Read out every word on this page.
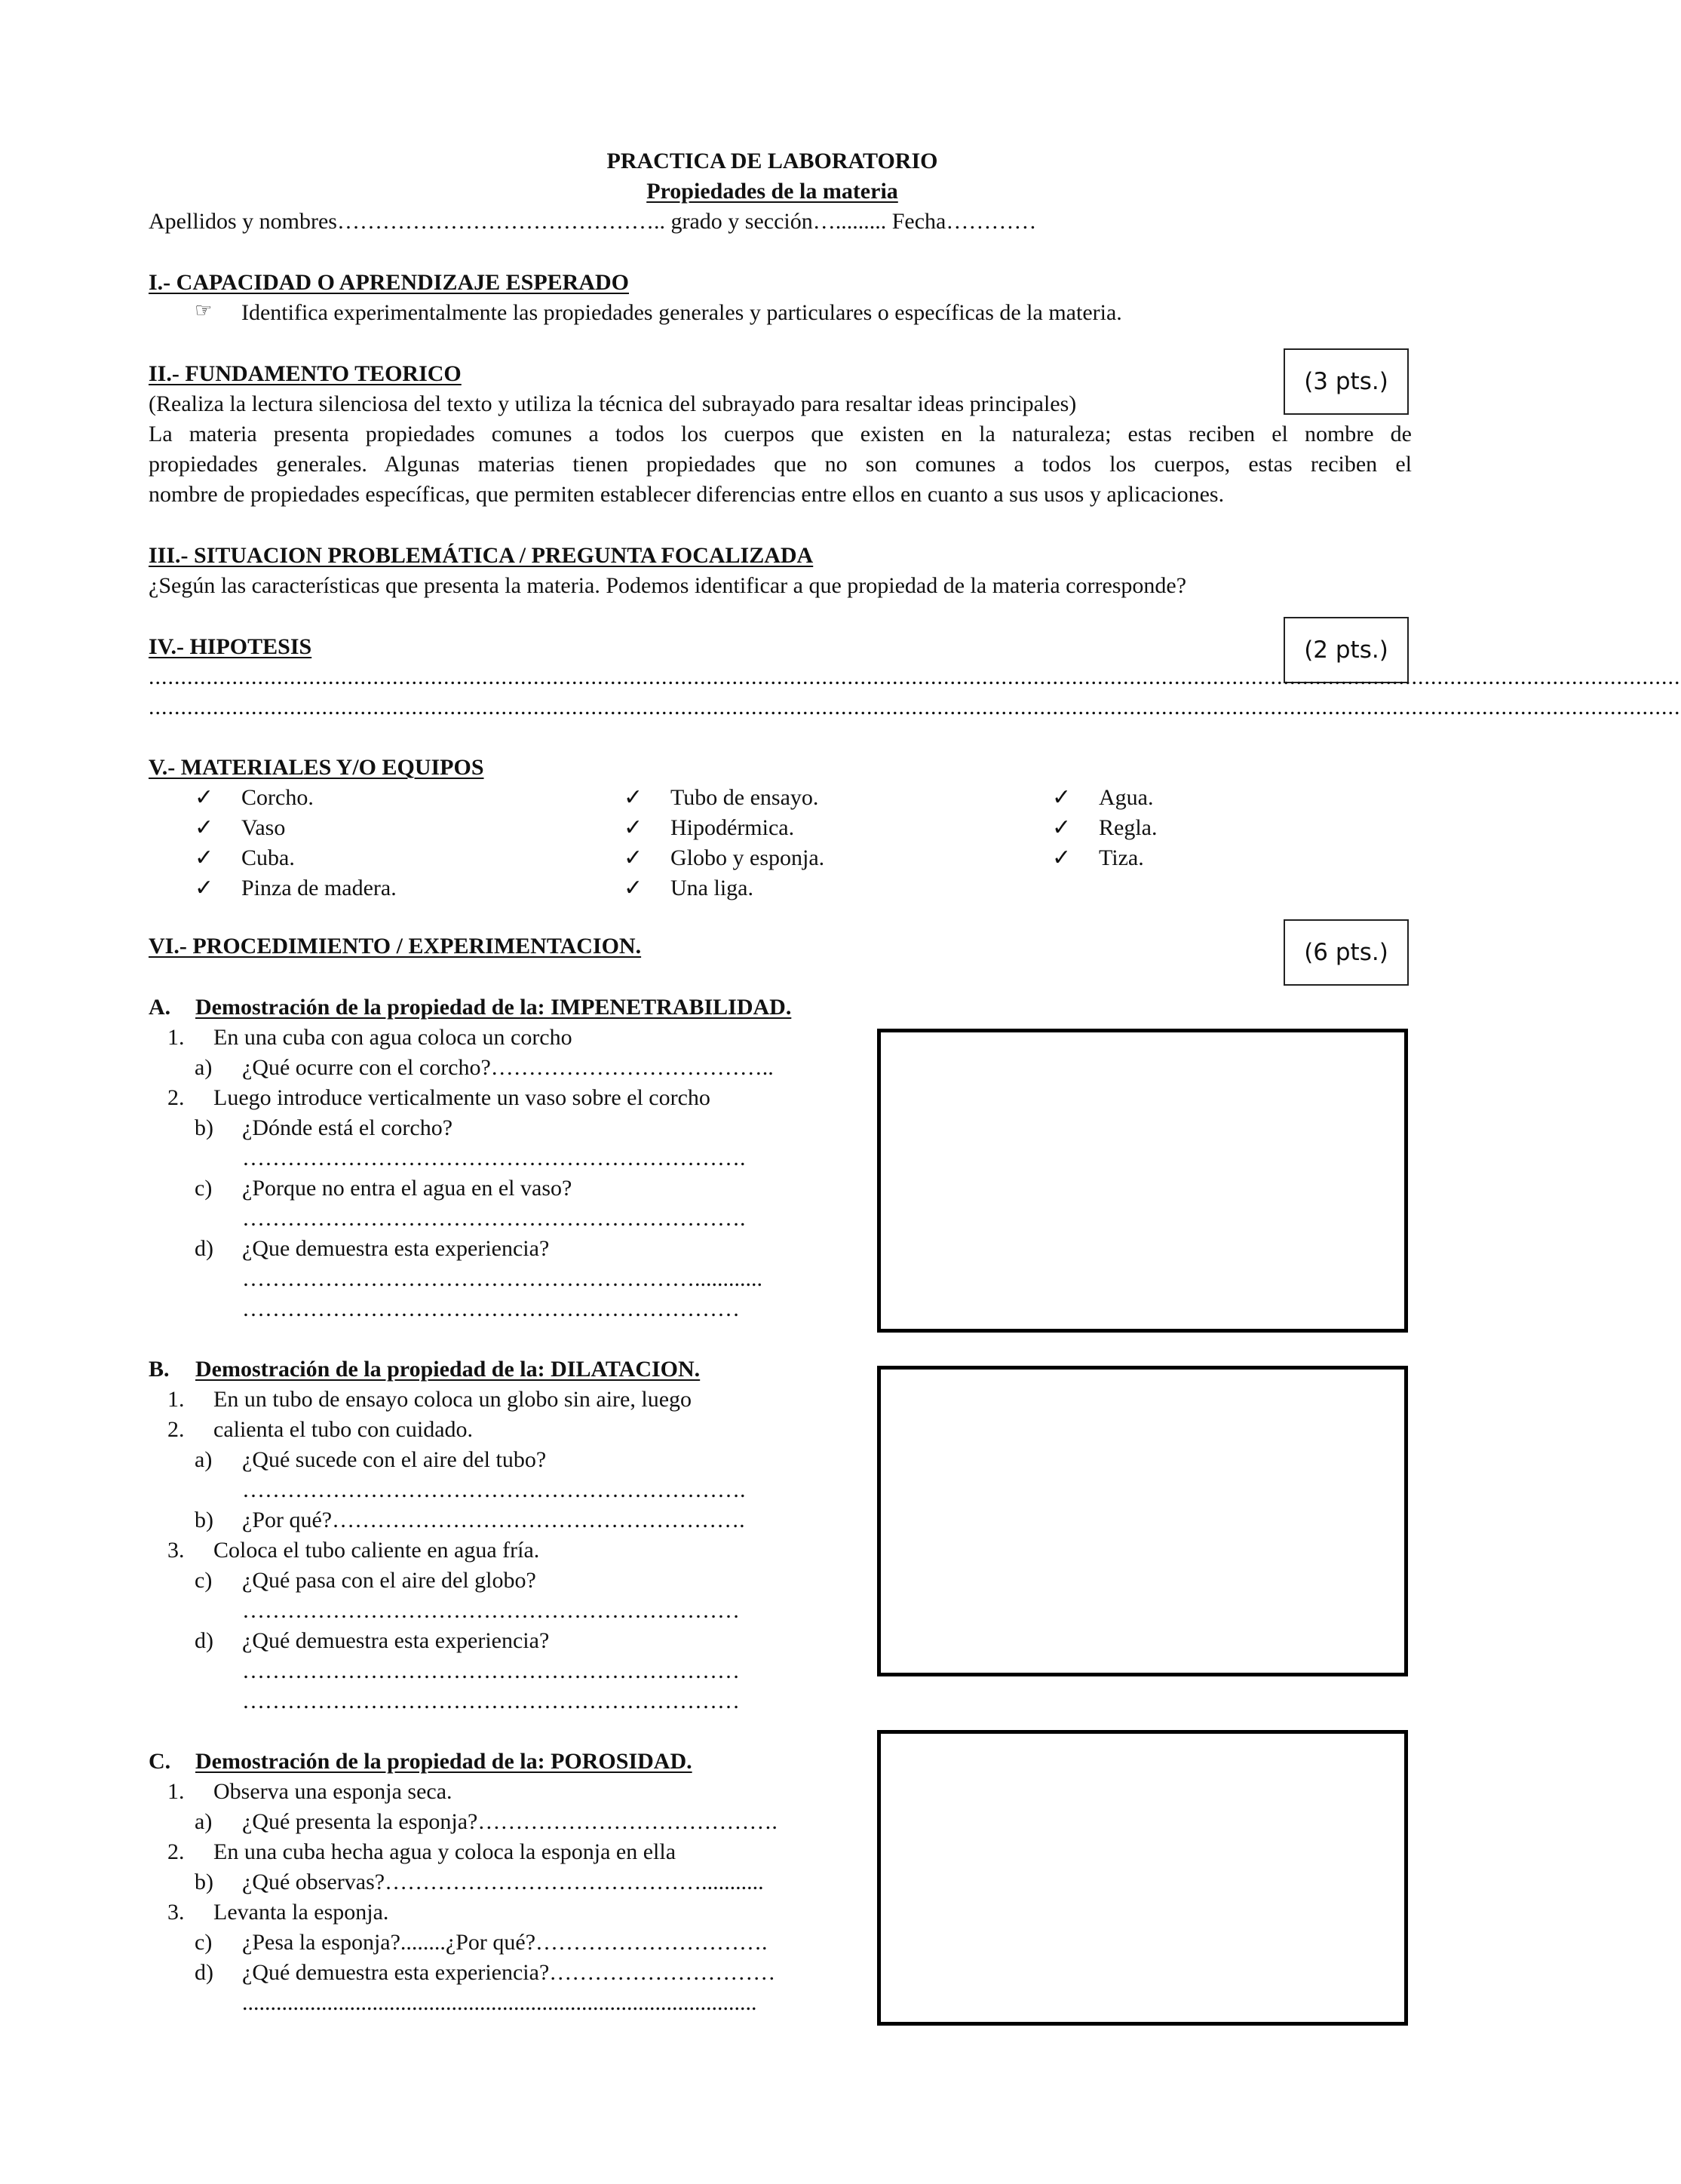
PRACTICA DE LABORATORIO
Propiedades de la materia
Apellidos y nombres…………………………………….. grado y sección…......... Fecha…………
I.- CAPACIDAD O APRENDIZAJE ESPERADO
☞ Identifica experimentalmente las propiedades generales y particulares o específicas de la materia.
II.- FUNDAMENTO TEORICO	(3 pts.)
(Realiza la lectura silenciosa del texto y utiliza la técnica del subrayado para resaltar ideas principales)
La materia presenta propiedades comunes a todos los cuerpos que existen en la naturaleza; estas reciben el nombre de
propiedades generales. Algunas materias tienen propiedades que no son comunes a todos los cuerpos, estas reciben el
nombre de propiedades específicas, que permiten establecer diferencias entre ellos en cuanto a sus usos y aplicaciones.
III.- SITUACION PROBLEMÁTICA / PREGUNTA FOCALIZADA
¿Según las características que presenta la materia. Podemos identificar a que propiedad de la materia corresponde?
IV.- HIPOTESIS	(2 pts.)
...............................................................................................................................................................................................................................................
...............................................................................................................................................................................................................................................
V.- MATERIALES Y/O EQUIPOS
✓ Corcho.
✓ Vaso
✓ Cuba.
✓ Pinza de madera.
✓ Tubo de ensayo.
✓ Hipodérmica.
✓ Globo y esponja.
✓ Una liga.
✓ Agua.
✓ Regla.
✓ Tiza.
VI.- PROCEDIMIENTO / EXPERIMENTACION.	(6 pts.)
A. Demostración de la propiedad de la: IMPENETRABILIDAD.
1. En una cuba con agua coloca un corcho
a) ¿Qué ocurre con el corcho?………………………………..
2. Luego introduce verticalmente un vaso sobre el corcho
b) ¿Dónde está el corcho?
………………………………………………………….
c) ¿Porque no entra el agua en el vaso?
………………………………………………………….
d) ¿Que demuestra esta experiencia?
……………………………………………………............
…………………………………………………………
B. Demostración de la propiedad de la: DILATACION.
1. En un tubo de ensayo coloca un globo sin aire, luego
2. calienta el tubo con cuidado.
a) ¿Qué sucede con el aire del tubo?
………………………………………………………….
b) ¿Por qué?……………………………………………….
3. Coloca el tubo caliente en agua fría.
c) ¿Qué pasa con el aire del globo?
…………………………………………………………
d) ¿Qué demuestra esta experiencia?
…………………………………………………………
…………………………………………………………
C. Demostración de la propiedad de la: POROSIDAD.
1. Observa una esponja seca.
a) ¿Qué presenta la esponja?………………………………….
2. En una cuba hecha agua y coloca la esponja en ella
b) ¿Qué observas?……………………………………...........
3. Levanta la esponja.
c) ¿Pesa la esponja?........¿Por qué?………………………….
d) ¿Qué demuestra esta experiencia?…………………………
...........................................................................................
